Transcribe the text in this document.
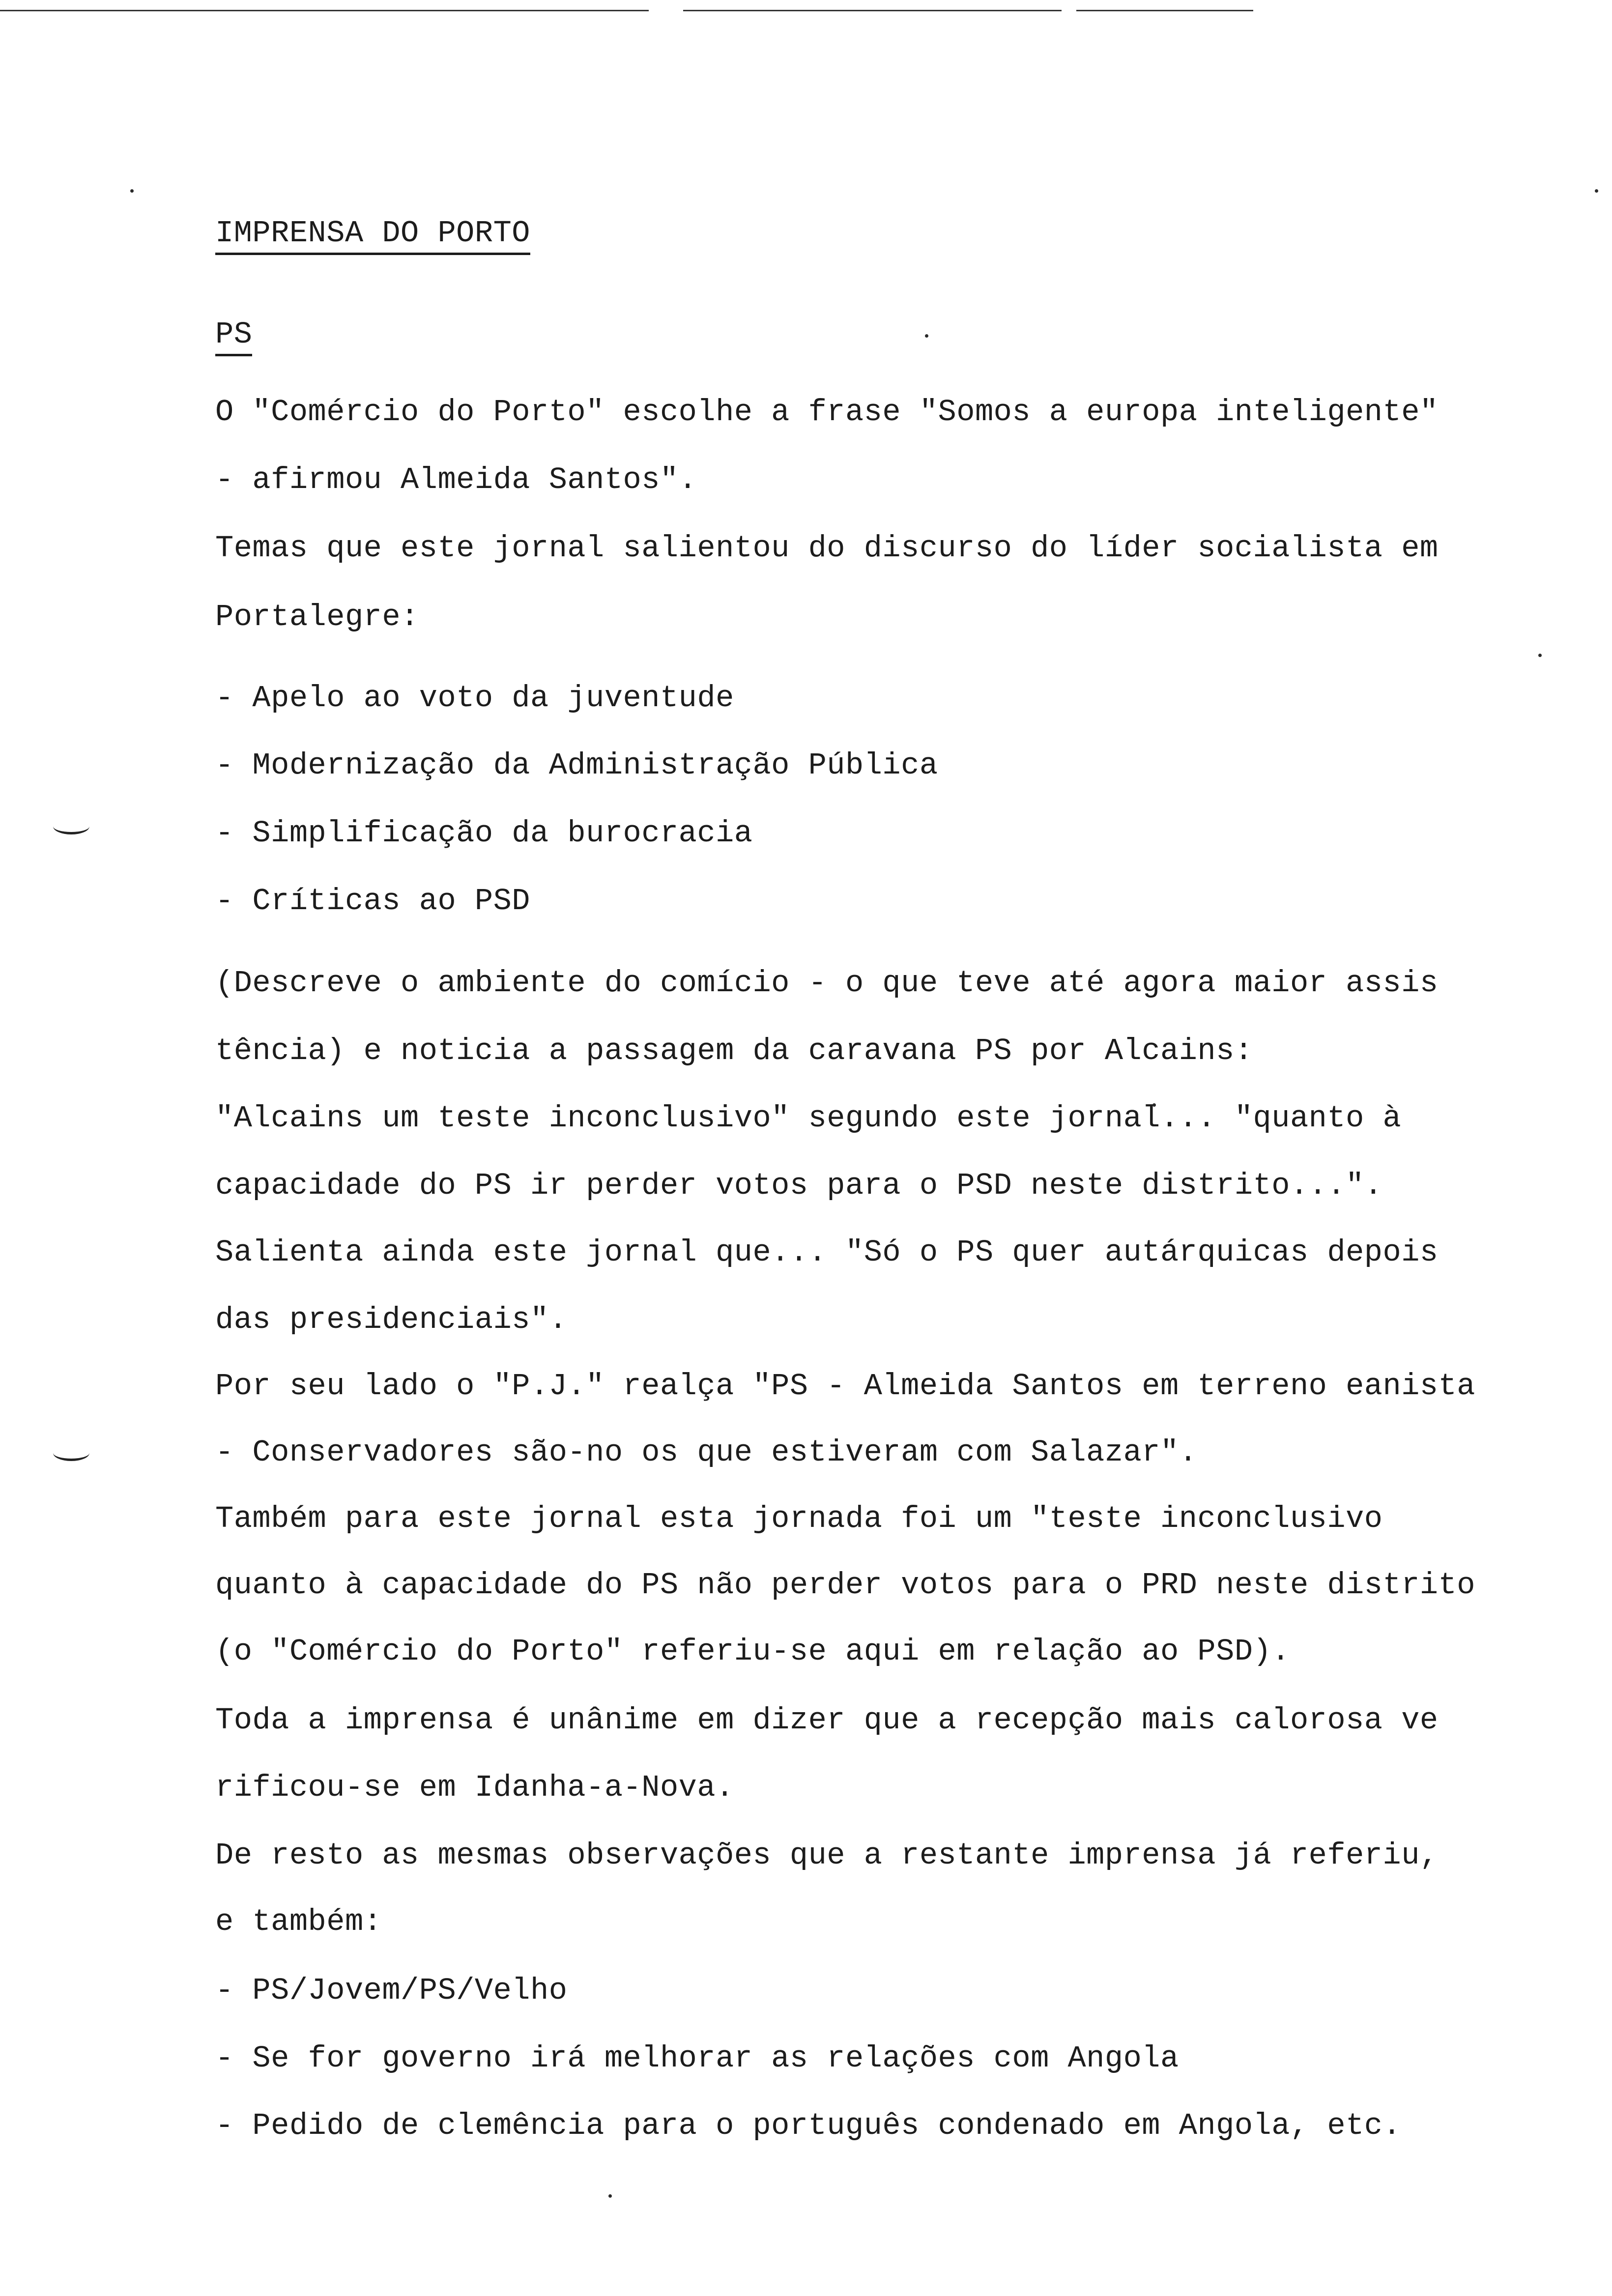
IMPRENSA DO PORTO
PS
O "Comércio do Porto" escolhe a frase "Somos a europa inteligente"
- afirmou Almeida Santos".
Temas que este jornal salientou do discurso do líder socialista em
Portalegre:
- Apelo ao voto da juventude
- Modernização da Administração Pública
- Simplificação da burocracia
- Críticas ao PSD
(Descreve o ambiente do comício - o que teve até agora maior assis
tência) e noticia a passagem da caravana PS por Alcains:
"Alcains um teste inconclusivo" segundo este jornal... "quanto à
capacidade do PS ir perder votos para o PSD neste distrito...".
Salienta ainda este jornal que... "Só o PS quer autárquicas depois
das presidenciais".
Por seu lado o "P.J." realça "PS - Almeida Santos em terreno eanista
- Conservadores são-no os que estiveram com Salazar".
Também para este jornal esta jornada foi um "teste inconclusivo
quanto à capacidade do PS não perder votos para o PRD neste distrito
(o "Comércio do Porto" referiu-se aqui em relação ao PSD).
Toda a imprensa é unânime em dizer que a recepção mais calorosa ve
rificou-se em Idanha-a-Nova.
De resto as mesmas observações que a restante imprensa já referiu,
e também:
- PS/Jovem/PS/Velho
- Se for governo irá melhorar as relações com Angola
- Pedido de clemência para o português condenado em Angola, etc.
